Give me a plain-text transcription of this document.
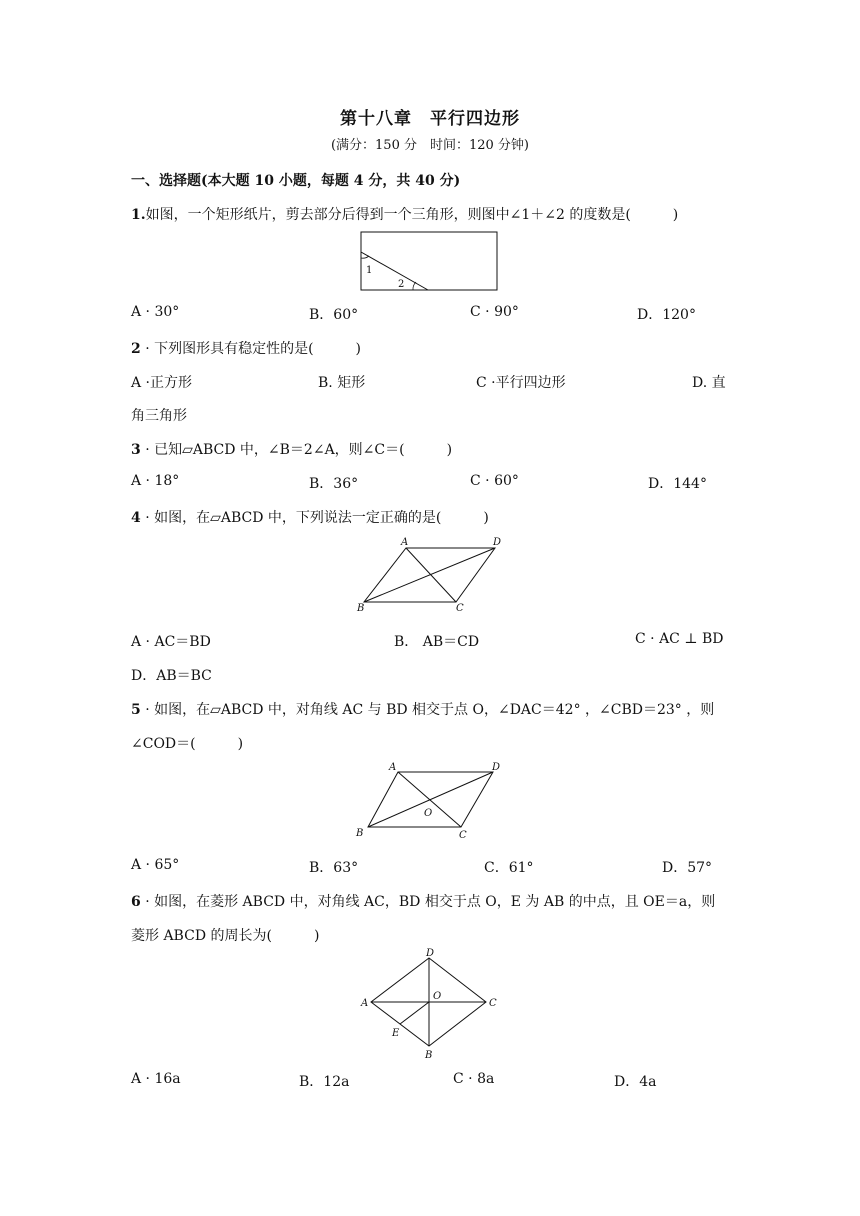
第十八章　平行四边形
(满分：150 分　时间：120 分钟)
一、选择题(本大题 10 小题，每题 4 分，共 40 分)
1.如图，一个矩形纸片，剪去部分后得到一个三角形，则图中∠1＋∠2 的度数是(　　　)
1
2
A · 30°	B．60°	C · 90°	D．120°
2 · 下列图形具有稳定性的是(　　　)
A ·正方形	B. 矩形	C ·平行四边形	D. 直
角三角形
3 · 已知▱ABCD 中，∠B＝2∠A，则∠C＝(　　　)
A · 18°	B．36°	C · 60°	D．144°
4 · 如图，在▱ABCD 中，下列说法一定正确的是(　　　)
A	D
B	C
A · AC＝BD	B． AB＝CD	C · AC ⊥ BD
D．AB＝BC
5 · 如图，在▱ABCD 中，对角线 AC 与 BD 相交于点 O，∠DAC＝42° ，∠CBD＝23° ，则
∠COD＝(　　　)
A	D
O
B	C
A · 65°	B．63°	C．61°	D．57°
6 · 如图，在菱形 ABCD 中，对角线 AC，BD 相交于点 O，E 为 AB 的中点，且 OE＝a，则
菱形 ABCD 的周长为(　　　)
D
A
O
C
E
B
A · 16a	B．12a	C · 8a	D．4a
